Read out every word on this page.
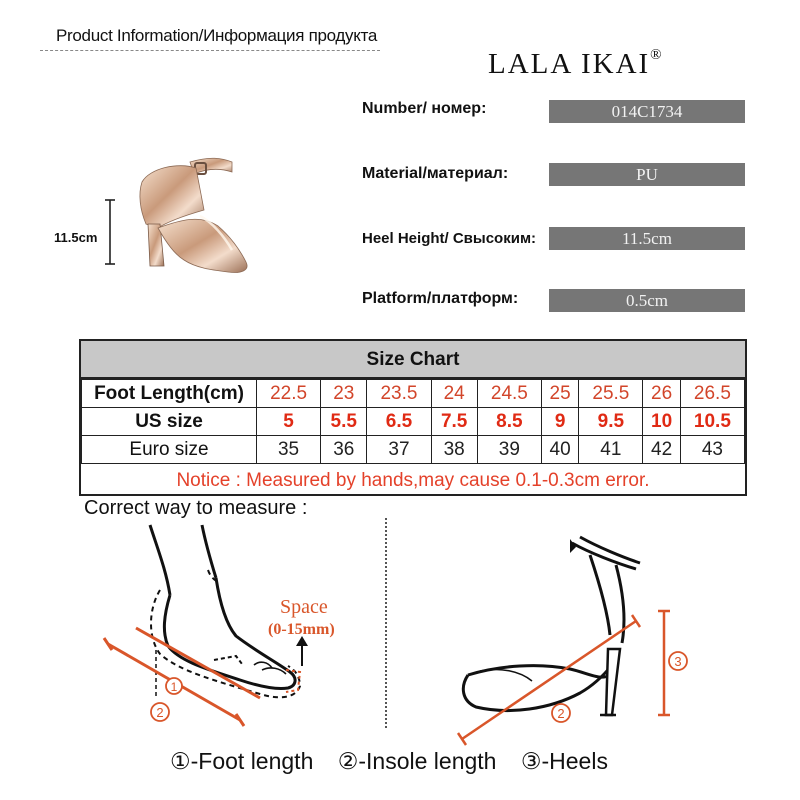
Product Information/Информация продукта
LALA IKAI®
Number/ номер:	014C1734
Material/материал:	PU
Heel Height/ Свысоким:	11.5cm
Platform/платформ:	0.5cm
11.5cm
Size Chart
Foot Length(cm)	22.5	23	23.5	24	24.5	25	25.5	26	26.5
US size	5	5.5	6.5	7.5	8.5	9	9.5	10	10.5
Euro size	35	36	37	38	39	40	41	42	43
Notice : Measured by hands,may cause 0.1-0.3cm error.
Correct way to measure :
1
2
Space
(0-15mm)
2
3
①-Foot length ②-Insole length ③-Heels
